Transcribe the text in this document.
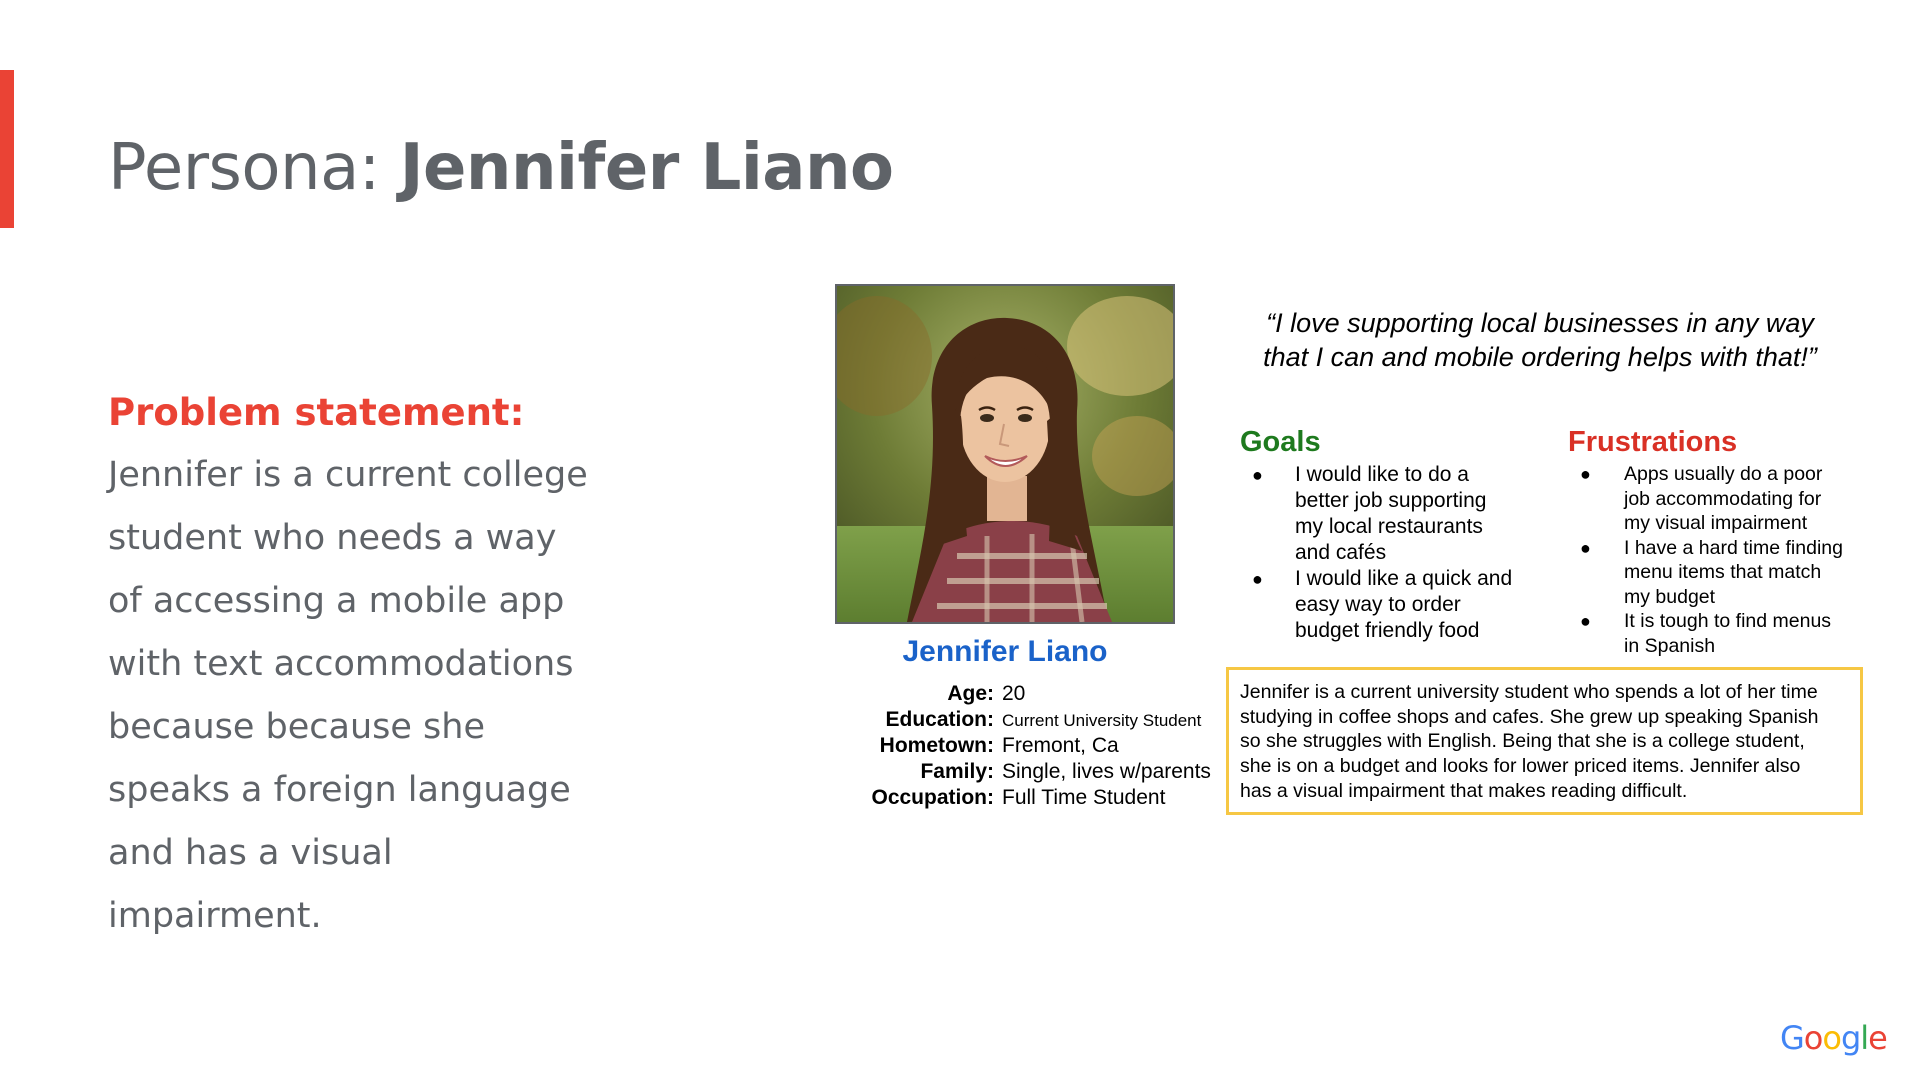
Persona: Jennifer Liano

Problem statement:

Jennifer is a current college
student who needs a way
of accessing a mobile app
with text accommodations
because because she
speaks a foreign language
and has a visual
impairment.

Jennifer Liano
Age: 20
Education: Current University Student
Hometown: Fremont, Ca
Family: Single, lives w/parents
Occupation: Full Time Student
“I love supporting local businesses in any way
that I can and mobile ordering helps with that!”

Goals

● I would like to do a
better job supporting
my local restaurants
and cafés
● I would like a quick and
easy way to order
budget friendly food

Frustrations

● Apps usually do a poor
job accommodating for
my visual impairment
● I have a hard time finding
menu items that match
my budget
● It is tough to find menus
in Spanish
Jennifer is a current university student who spends a lot of her time
studying in coffee shops and cafes. She grew up speaking Spanish
so she struggles with English. Being that she is a college student,
she is on a budget and looks for lower priced items. Jennifer also
has a visual impairment that makes reading difficult.
Google
